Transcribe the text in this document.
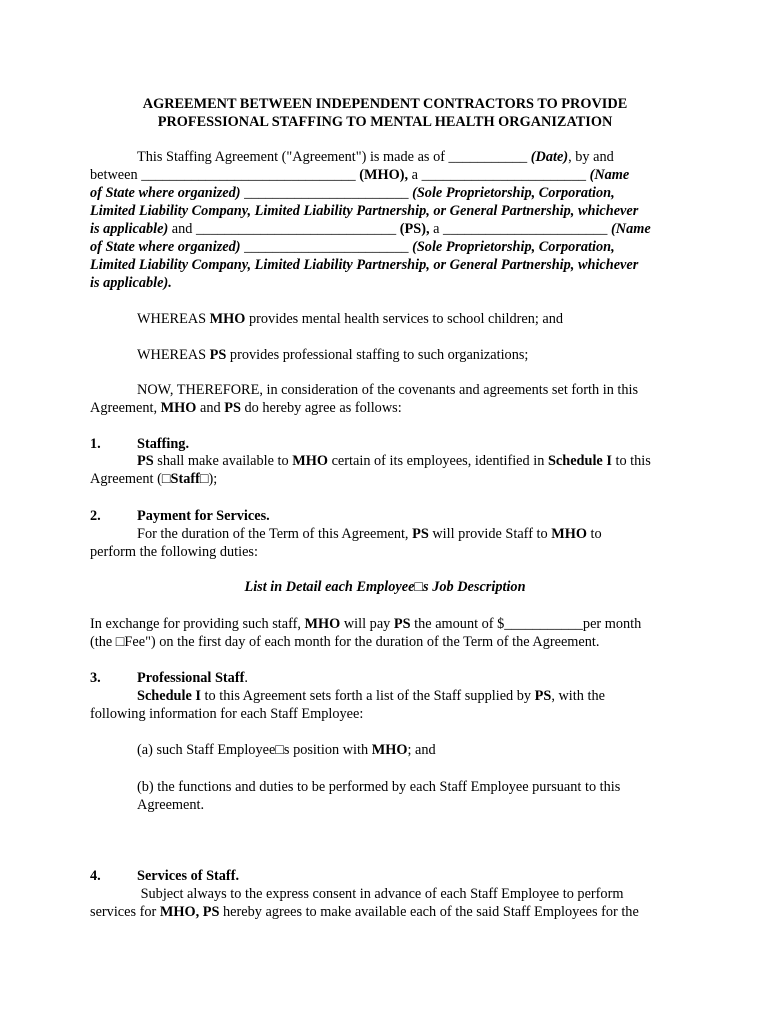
AGREEMENT BETWEEN INDEPENDENT CONTRACTORS TO PROVIDE
PROFESSIONAL STAFFING TO MENTAL HEALTH ORGANIZATION
This Staffing Agreement ("Agreement") is made as of ___________ (Date), by and
between ______________________________ (MHO), a _______________________ (Name
of State where organized) _______________________ (Sole Proprietorship, Corporation,
Limited Liability Company, Limited Liability Partnership, or General Partnership, whichever
is applicable) and ____________________________ (PS), a _______________________ (Name
of State where organized) _______________________ (Sole Proprietorship, Corporation,
Limited Liability Company, Limited Liability Partnership, or General Partnership, whichever
is applicable).
WHEREAS MHO provides mental health services to school children; and
WHEREAS PS provides professional staffing to such organizations;
NOW, THEREFORE, in consideration of the covenants and agreements set forth in this
Agreement, MHO and PS do hereby agree as follows:
1.	Staffing.
PS shall make available to MHO certain of its employees, identified in Schedule I to this
Agreement (□Staff□);
2.	Payment for Services.
For the duration of the Term of this Agreement, PS will provide Staff to MHO to
perform the following duties:
List in Detail each Employee□s Job Description
In exchange for providing such staff, MHO will pay PS the amount of $___________per month
(the □Fee") on the first day of each month for the duration of the Term of the Agreement.
3.	Professional Staff.
Schedule I to this Agreement sets forth a list of the Staff supplied by PS, with the
following information for each Staff Employee:
(a) such Staff Employee□s position with MHO; and
(b) the functions and duties to be performed by each Staff Employee pursuant to this
Agreement.
4.	Services of Staff.
Subject always to the express consent in advance of each Staff Employee to perform
services for MHO, PS hereby agrees to make available each of the said Staff Employees for the
